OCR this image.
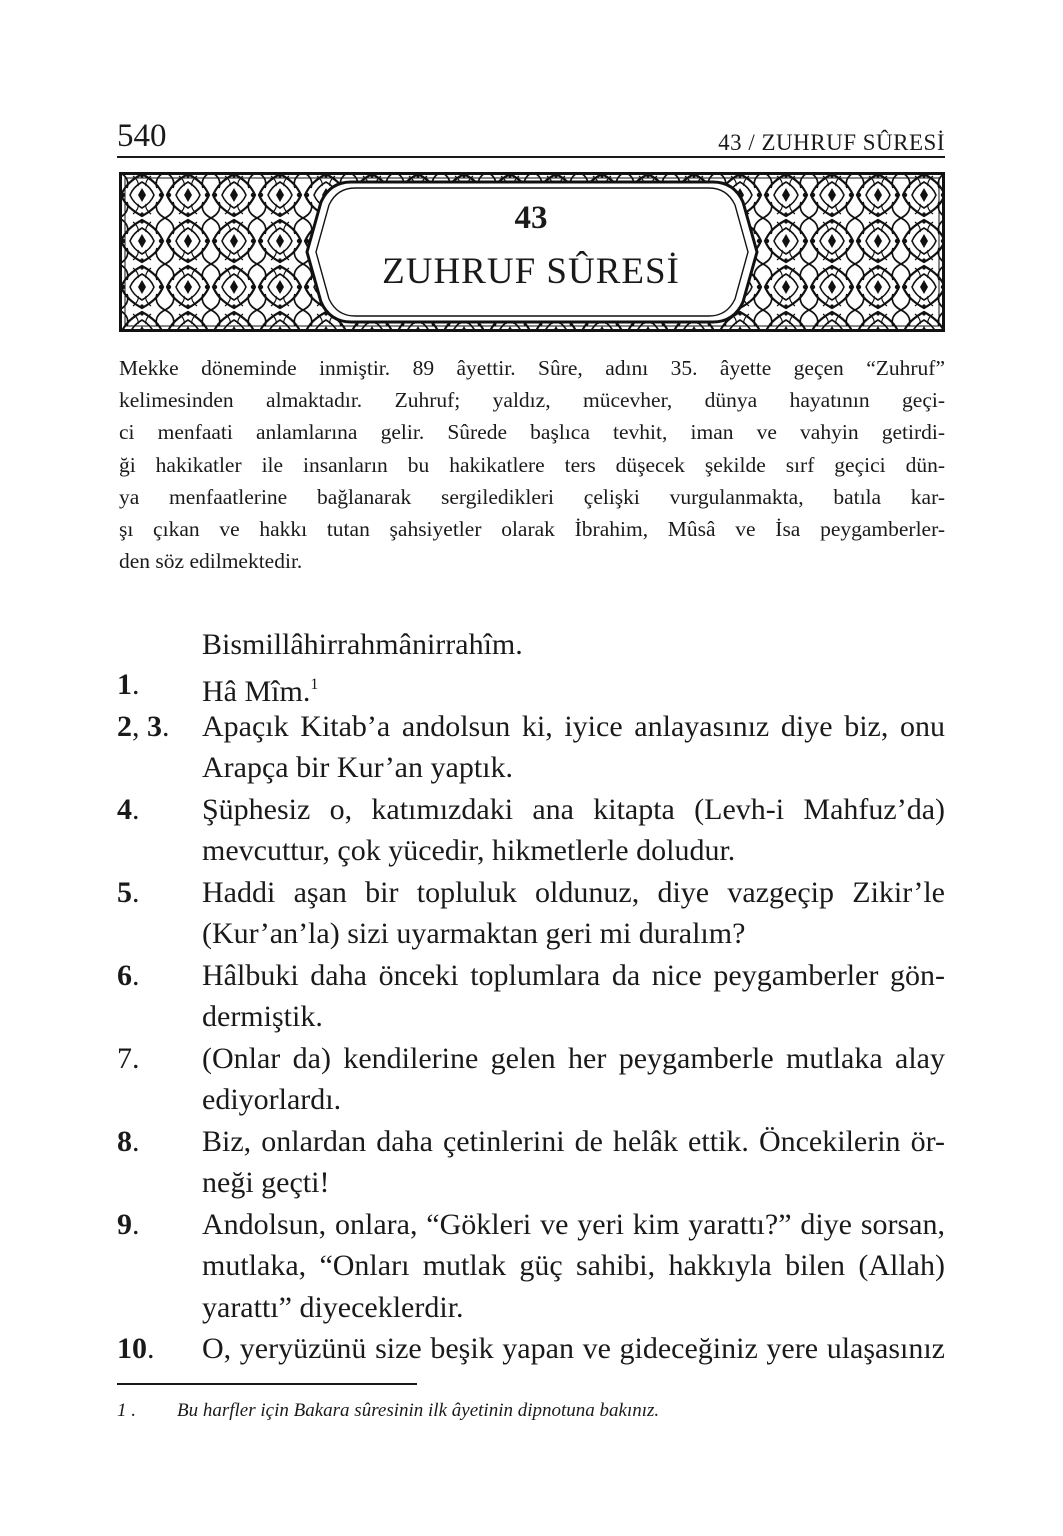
540	43 / ZUHRUF SÛRESİ
43
ZUHRUF SÛRESİ
Mekke döneminde inmiştir. 89 âyettir. Sûre, adını 35. âyette geçen “Zuhruf”
kelimesinden almaktadır. Zuhruf; yaldız, mücevher, dünya hayatının geçi-
ci menfaati anlamlarına gelir. Sûrede başlıca tevhit, iman ve vahyin getirdi-
ği hakikatler ile insanların bu hakikatlere ters düşecek şekilde sırf geçici dün-
ya menfaatlerine bağlanarak sergiledikleri çelişki vurgulanmakta, batıla kar-
şı çıkan ve hakkı tutan şahsiyetler olarak İbrahim, Mûsâ ve İsa peygamberler-
den söz edilmektedir.
Bismillâhirrahmânirrahîm.
1. Hâ Mîm.$^1$
2, 3. Apaçık Kitab’a andolsun ki, iyice anlayasınız diye biz, onu
Arapça bir Kur’an yaptık.
4. Şüphesiz o, katımızdaki ana kitapta (Levh-i Mahfuz’da)
mevcuttur, çok yücedir, hikmetlerle doludur.
5. Haddi aşan bir topluluk oldunuz, diye vazgeçip Zikir’le
(Kur’an’la) sizi uyarmaktan geri mi duralım?
6. Hâlbuki daha önceki toplumlara da nice peygamberler gön-
dermiştik.
7. (Onlar da) kendilerine gelen her peygamberle mutlaka alay
ediyorlardı.
8. Biz, onlardan daha çetinlerini de helâk ettik. Öncekilerin ör-
neği geçti!
9. Andolsun, onlara, “Gökleri ve yeri kim yarattı?” diye sorsan,
mutlaka, “Onları mutlak güç sahibi, hakkıyla bilen (Allah)
yarattı” diyeceklerdir.
10. O, yeryüzünü size beşik yapan ve gideceğiniz yere ulaşasınız
1 . Bu harfler için Bakara sûresinin ilk âyetinin dipnotuna bakınız.
